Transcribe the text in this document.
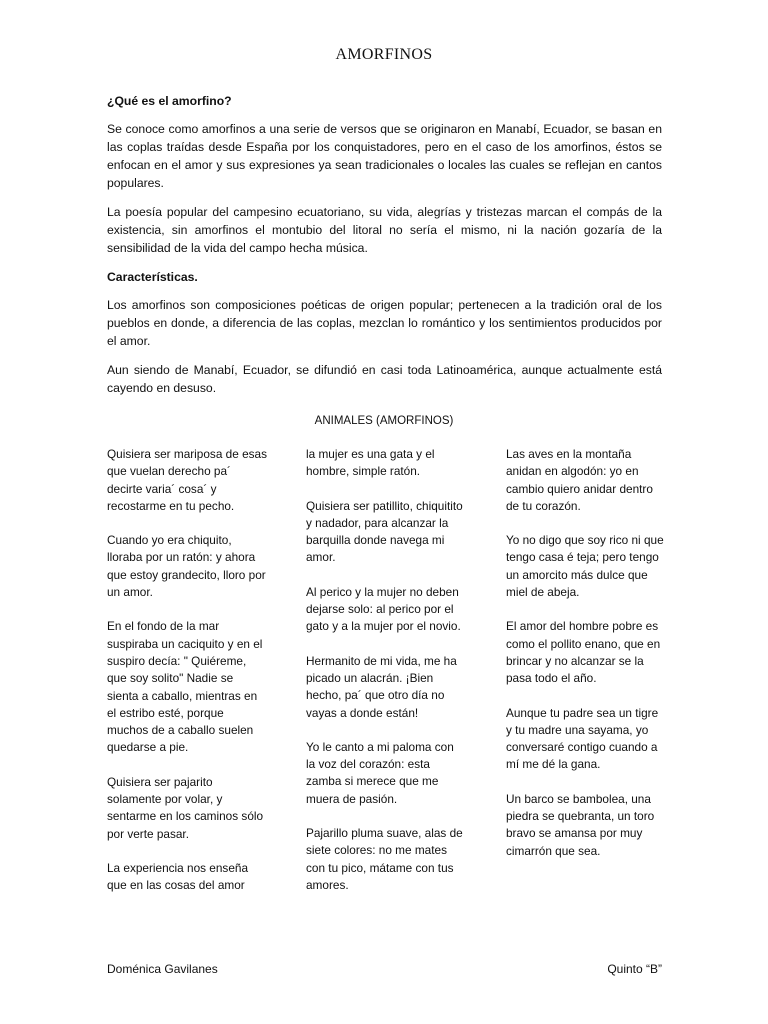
AMORFINOS
¿Qué es el amorfino?

Se conoce como amorfinos a una serie de versos que se originaron en Manabí, Ecuador, se basan en las coplas traídas desde España por los conquistadores, pero en el caso de los amorfinos, éstos se enfocan en el amor y sus expresiones ya sean tradicionales o locales las cuales se reflejan en cantos populares.

La poesía popular del campesino ecuatoriano, su vida, alegrías y tristezas marcan el compás de la existencia, sin amorfinos el montubio del litoral no sería el mismo, ni la nación gozaría de la sensibilidad de la vida del campo hecha música.

Características.

Los amorfinos son composiciones poéticas de origen popular; pertenecen a la tradición oral de los pueblos en donde, a diferencia de las coplas, mezclan lo romántico y los sentimientos producidos por el amor.

Aun siendo de Manabí, Ecuador, se difundió en casi toda Latinoamérica, aunque actualmente está cayendo en desuso.

ANIMALES (AMORFINOS)

Quisiera ser mariposa de esas que vuelan derecho pa´ decirte varia´ cosa´ y recostarme en tu pecho.

Cuando yo era chiquito, lloraba por un ratón: y ahora que estoy grandecito, lloro por un amor.

En el fondo de la mar suspiraba un caciquito y en el suspiro decía: " Quiéreme, que soy solito" Nadie se sienta a caballo, mientras en el estribo esté, porque muchos de a caballo suelen quedarse a pie.

Quisiera ser pajarito solamente por volar, y sentarme en los caminos sólo por verte pasar.

La experiencia nos enseña que en las cosas del amor

la mujer es una gata y el hombre, simple ratón.

Quisiera ser patillito, chiquitito y nadador, para alcanzar la barquilla donde navega mi amor.

Al perico y la mujer no deben dejarse solo: al perico por el gato y a la mujer por el novio.

Hermanito de mi vida, me ha picado un alacrán. ¡Bien hecho, pa´ que otro día no vayas a donde están!

Yo le canto a mi paloma con la voz del corazón: esta zamba si merece que me muera de pasión.

Pajarillo pluma suave, alas de siete colores: no me mates con tu pico, mátame con tus amores.

Las aves en la montaña anidan en algodón: yo en cambio quiero anidar dentro de tu corazón.

Yo no digo que soy rico ni que tengo casa é teja; pero tengo un amorcito más dulce que miel de abeja.

El amor del hombre pobre es como el pollito enano, que en brincar y no alcanzar se la pasa todo el año.

Aunque tu padre sea un tigre y tu madre una sayama, yo conversaré contigo cuando a mí me dé la gana.

Un barco se bambolea, una piedra se quebranta, un toro bravo se amansa por muy cimarrón que sea.

Doménica Gavilanes	Quinto “B”
